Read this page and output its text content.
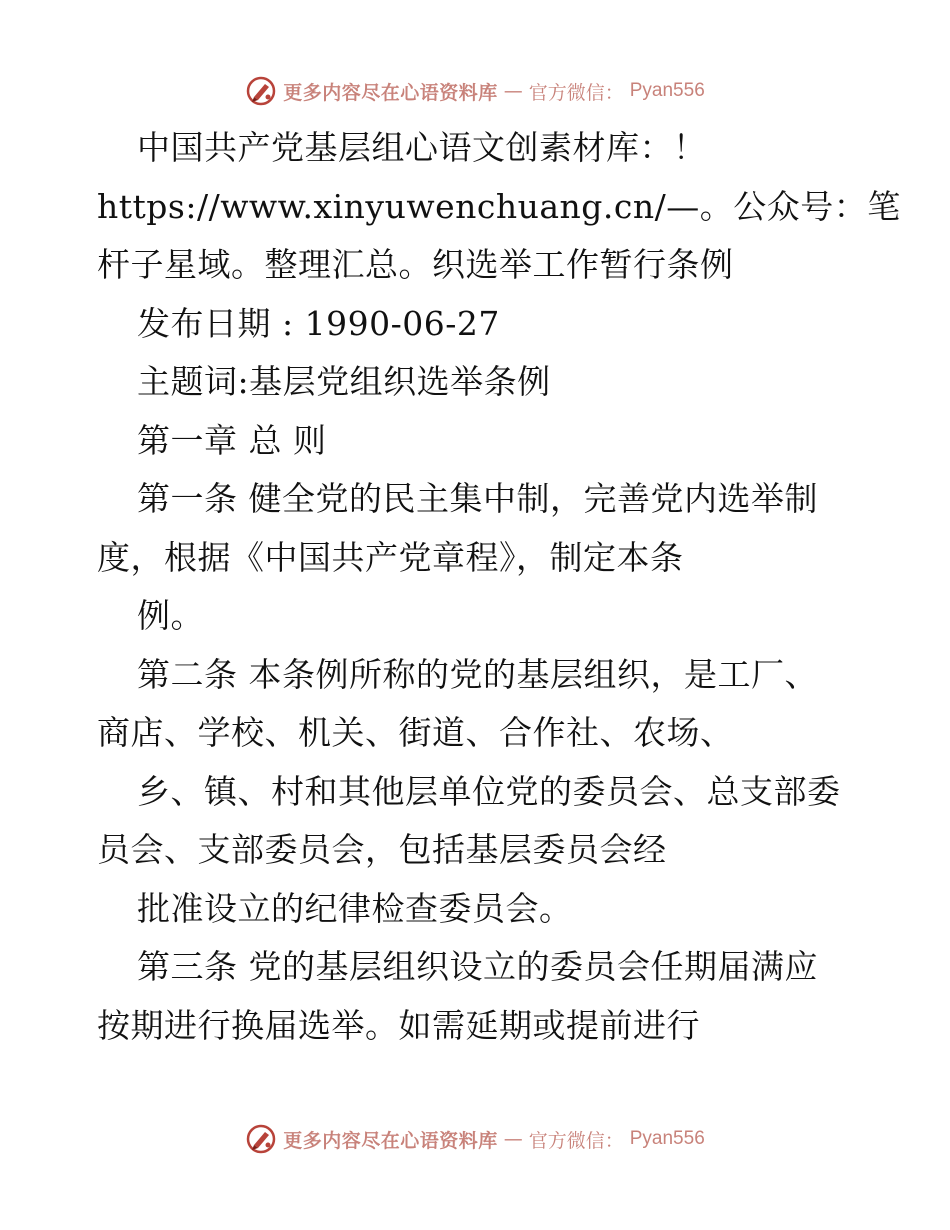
更多内容尽在心语资料库 — 官方微信： Pyan556
中国共产党基层组心语文创素材库：！
https://www.xinyuwenchuang.cn/—。公众号：笔
杆子星域。整理汇总。织选举工作暂行条例
发布日期 : 1990-06-27
主题词:基层党组织选举条例
第一章 总 则
第一条 健全党的民主集中制，完善党内选举制
度，根据《中国共产党章程》，制定本条
例。
第二条 本条例所称的党的基层组织，是工厂、
商店、学校、机关、街道、合作社、农场、
乡、镇、村和其他层单位党的委员会、总支部委
员会、支部委员会，包括基层委员会经
批准设立的纪律检查委员会。
第三条 党的基层组织设立的委员会任期届满应
按期进行换届选举。如需延期或提前进行
更多内容尽在心语资料库 — 官方微信： Pyan556
